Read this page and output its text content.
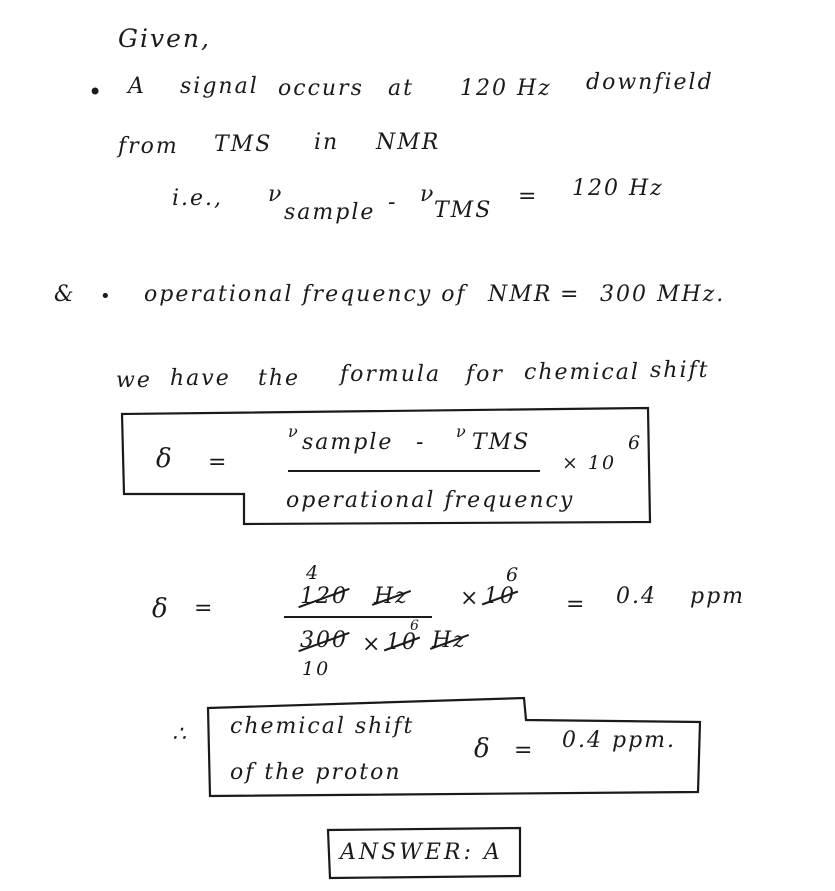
Given,
• A signal occurs at 120 Hz downfield
from TMS in NMR
i.e., ν
sample - ν
TMS
= 120 Hz
& • operational frequency of NMR = 300 MHz.
we have the formula for chemical shift
δ =
ν sample - ν TMS
operational frequency
× 10
6
δ =
4
120 Hz × 10
6
300 × 10
6
Hz
10
= 0.4 ppm
∴ chemical shift
of the proton
δ = 0.4 ppm.
ANSWER: A
